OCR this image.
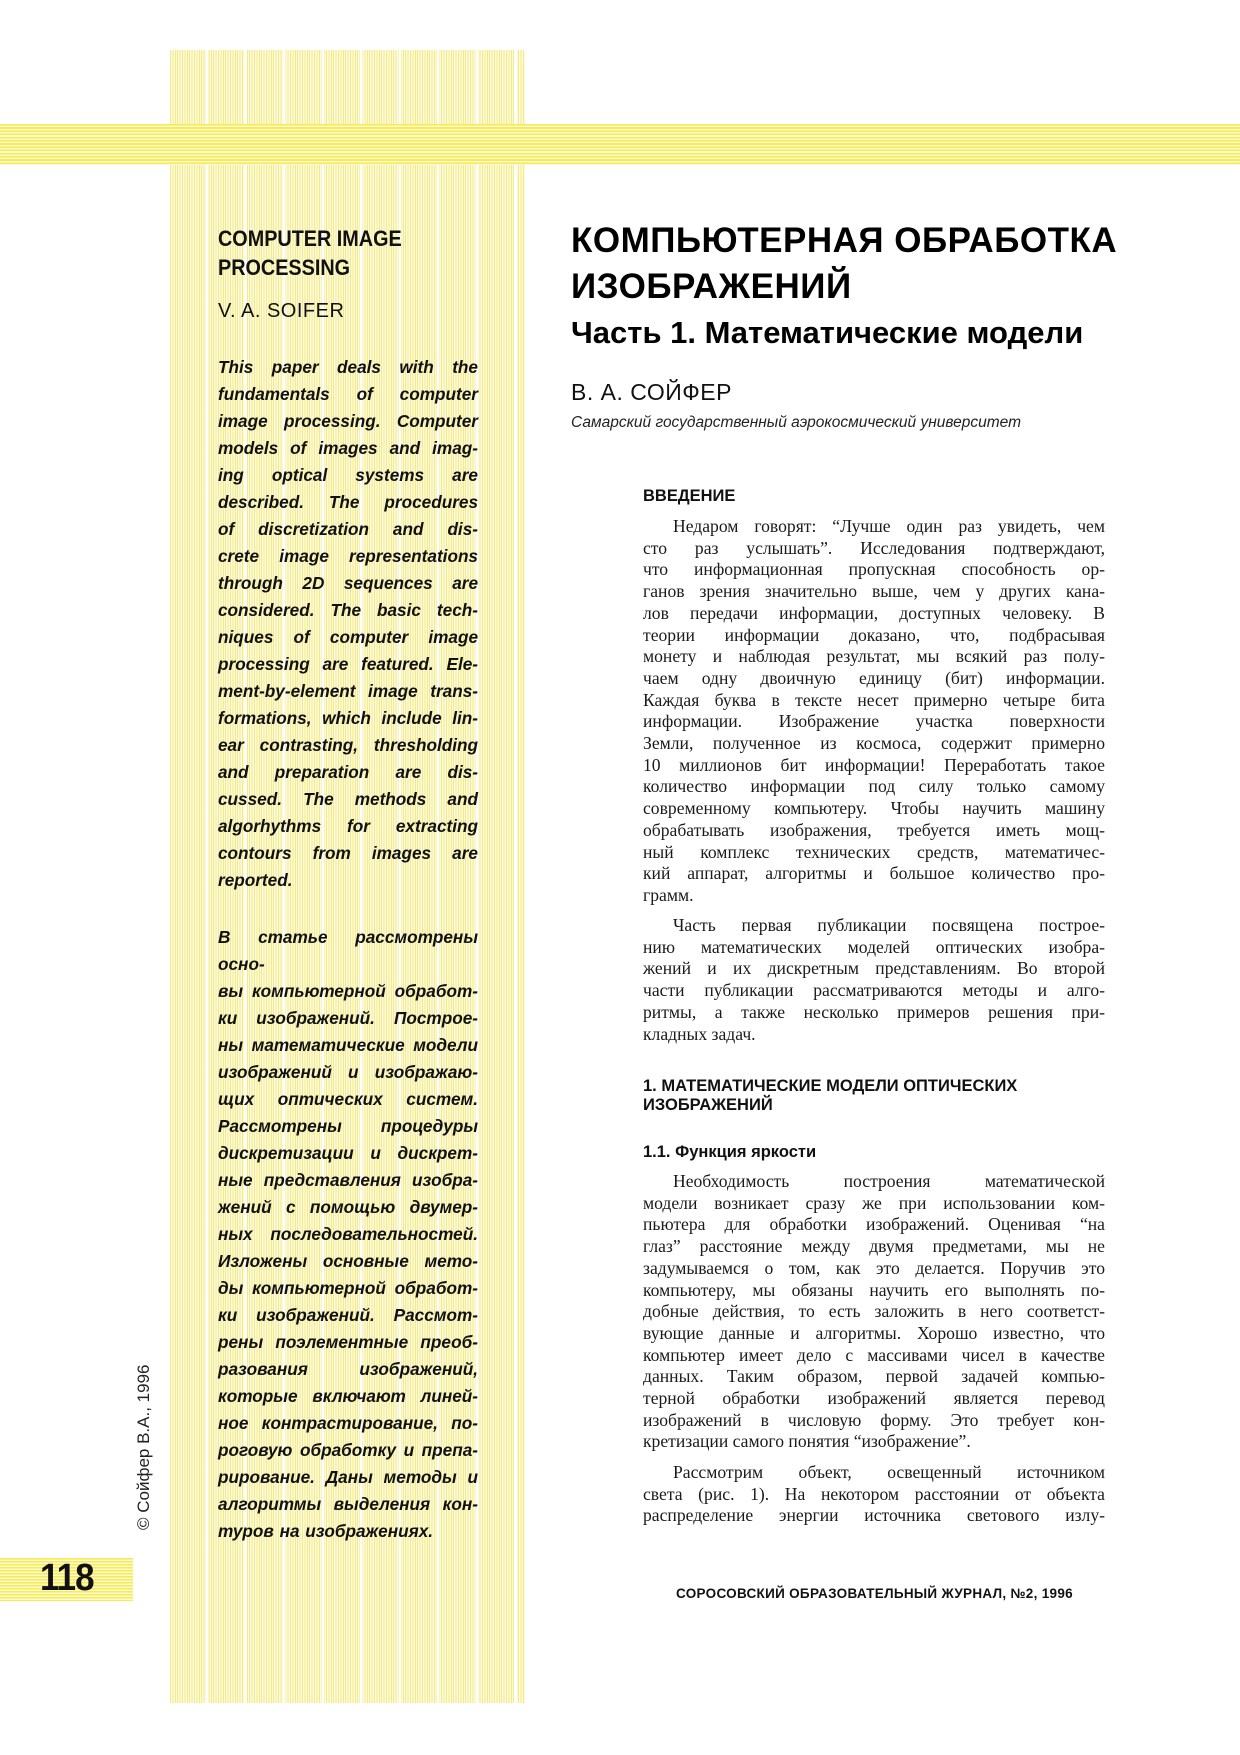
118
© Сойфер В.А., 1996
COMPUTER IMAGE
PROCESSING
V. A. SOIFER
This paper deals with the
fundamentals of computer
image processing. Computer
models of images and imag-
ing optical systems are
described. The procedures
of discretization and dis-
crete image representations
through 2D sequences are
considered. The basic tech-
niques of computer image
processing are featured. Ele-
ment-by-element image trans-
formations, which include lin-
ear contrasting, thresholding
and preparation are dis-
cussed. The methods and
algorhythms for extracting
contours from images are
reported.
В статье рассмотрены осно-
вы компьютерной обработ-
ки изображений. Построе-
ны математические модели
изображений и изображаю-
щих оптических систем.
Рассмотрены процедуры
дискретизации и дискрет-
ные представления изобра-
жений с помощью двумер-
ных последовательностей.
Изложены основные мето-
ды компьютерной обработ-
ки изображений. Рассмот-
рены поэлементные преоб-
разования изображений,
которые включают линей-
ное контрастирование, по-
роговую обработку и препа-
рирование. Даны методы и
алгоритмы выделения кон-
туров на изображениях.
КОМПЬЮТЕРНАЯ ОБРАБОТКА
ИЗОБРАЖЕНИЙ
Часть 1. Математические модели
В. А. СОЙФЕР
Самарский государственный аэрокосмический университет
ВВЕДЕНИЕ
Недаром говорят: “Лучше один раз увидеть, чем
сто раз услышать”. Исследования подтверждают,
что информационная пропускная способность ор-
ганов зрения значительно выше, чем у других кана-
лов передачи информации, доступных человеку. В
теории информации доказано, что, подбрасывая
монету и наблюдая результат, мы всякий раз полу-
чаем одну двоичную единицу (бит) информации.
Каждая буква в тексте несет примерно четыре бита
информации. Изображение участка поверхности
Земли, полученное из космоса, содержит примерно
10 миллионов бит информации! Переработать такое
количество информации под силу только самому
современному компьютеру. Чтобы научить машину
обрабатывать изображения, требуется иметь мощ-
ный комплекс технических средств, математичес-
кий аппарат, алгоритмы и большое количество про-
грамм.
Часть первая публикации посвящена построе-
нию математических моделей оптических изобра-
жений и их дискретным представлениям. Во второй
части публикации рассматриваются методы и алго-
ритмы, а также несколько примеров решения при-
кладных задач.
1. МАТЕМАТИЧЕСКИЕ МОДЕЛИ ОПТИЧЕСКИХ
ИЗОБРАЖЕНИЙ
1.1. Функция яркости
Необходимость построения математической
модели возникает сразу же при использовании ком-
пьютера для обработки изображений. Оценивая “на
глаз” расстояние между двумя предметами, мы не
задумываемся о том, как это делается. Поручив это
компьютеру, мы обязаны научить его выполнять по-
добные действия, то есть заложить в него соответст-
вующие данные и алгоритмы. Хорошо известно, что
компьютер имеет дело с массивами чисел в качестве
данных. Таким образом, первой задачей компью-
терной обработки изображений является перевод
изображений в числовую форму. Это требует кон-
кретизации самого понятия “изображение”.
Рассмотрим объект, освещенный источником
света (рис. 1). На некотором расстоянии от объекта
распределение энергии источника светового излу-
СОРОСОВСКИЙ ОБРАЗОВАТЕЛЬНЫЙ ЖУРНАЛ, №2, 1996
